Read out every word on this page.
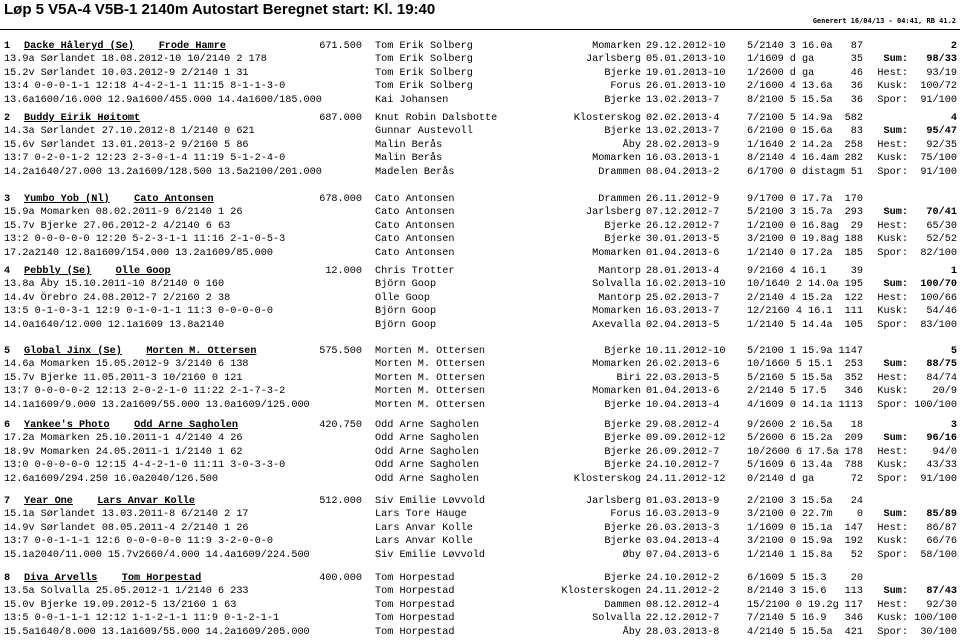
Løp 5 V5A-4 V5B-1 2140m Autostart Beregnet start: Kl. 19:40
Generert 16/04/13 - 04:41, RB 41.2
1 Dacke Håleryd (Se) Frode Hamre	671.500 Tom Erik Solberg	Momarken 29.12.2012-10 5/2140 3 16.0a 87	2
13.9a Sørlandet 18.08.2012-10 10/2140 2 178	Tom Erik Solberg	Jarlsberg 05.01.2013-10 1/1609 d ga	35 Sum: 98/33
15.2v Sørlandet 10.03.2012-9 2/2140 1 31	Tom Erik Solberg	Bjerke 19.01.2013-10 1/2600 d ga	46 Hest: 93/19
13:4 0-0-0-1-1 12:18 4-4-2-1-1 11:15 8-1-1-3-0	Tom Erik Solberg	Forus 26.01.2013-10 2/1600 4 13.6a 36 Kusk: 100/72
13.6a1600/16.000 12.9a1600/455.000 14.4a1600/185.000	Kai Johansen	Bjerke 13.02.2013-7	8/2100 5 15.5a 36 Spor: 91/100
2 Buddy Eirik Høitomt	687.000 Knut Robin Dalsbotte	Klosterskog 02.02.2013-4	7/2100 5 14.9a 582	4
14.3a Sørlandet 27.10.2012-8 1/2140 0 621	Gunnar Austevoll	Bjerke 13.02.2013-7	6/2100 0 15.6a 83 Sum: 95/47
15.6v Sørlandet 13.01.2013-2 9/2160 5 86	Malin Berås	Åby 28.02.2013-9	1/1640 2 14.2a 258 Hest: 92/35
13:7 0-2-0-1-2 12:23 2-3-0-1-4 11:19 5-1-2-4-0	Malin Berås	Momarken 16.03.2013-1	8/2140 4 16.4am 282 Kusk: 75/100
14.2a1640/27.000 13.2a1609/128.500 13.5a2100/201.000	Madelen Berås	Drammen 08.04.2013-2	6/1700 0 distagm 51 Spor: 91/100
3 Yumbo Yob (Nl) Cato Antonsen	678.000 Cato Antonsen	Drammen 26.11.2012-9	9/1700 0 17.7a 170
15.9a Momarken 08.02.2011-9 6/2140 1 26	Cato Antonsen	Jarlsberg 07.12.2012-7	5/2100 3 15.7a 293 Sum: 70/41
15.7v Bjerke 27.06.2012-2 4/2140 6 63	Cato Antonsen	Bjerke 26.12.2012-7	1/2100 0 16.8ag 29 Hest: 65/30
13:2 0-0-0-0-0 12:20 5-2-3-1-1 11:16 2-1-0-5-3	Cato Antonsen	Bjerke 30.01.2013-5	3/2100 0 19.8ag 188 Kusk: 52/52
17.2a2140 12.8a1609/154.000 13.2a1609/85.000	Cato Antonsen	Momarken 01.04.2013-6	1/2140 0 17.2a 185 Spor: 82/100
4 Pebbly (Se) Olle Goop	12.000 Chris Trotter	Mantorp 28.01.2013-4	9/2160 4 16.1 39	1
13.8a Åby 15.10.2011-10 8/2140 0 160	Björn Goop	Solvalla 16.02.2013-10 10/1640 2 14.0a 195 Sum: 100/70
14.4v Örebro 24.08.2012-7 2/2160 2 38	Olle Goop	Mantorp 25.02.2013-7	2/2140 4 15.2a 122 Hest: 100/66
13:5 0-1-0-3-1 12:9 0-1-0-1-1 11:3 0-0-0-0-0	Björn Goop	Momarken 16.03.2013-7	12/2160 4 16.1 111 Kusk: 54/46
14.0a1640/12.000 12.1a1609 13.8a2140	Björn Goop	Axevalla 02.04.2013-5	1/2140 5 14.4a 105 Spor: 83/100
5 Global Jinx (Se) Morten M. Ottersen	575.500 Morten M. Ottersen	Bjerke 10.11.2012-10 5/2100 1 15.9a 1147	5
14.6a Momarken 15.05.2012-9 3/2140 6 138	Morten M. Ottersen	Momarken 26.02.2013-6	10/1660 5 15.1 253 Sum: 88/75
15.7v Bjerke 11.05.2011-3 10/2160 0 121	Morten M. Ottersen	Biri 22.03.2013-5	5/2160 5 15.5a 352 Hest: 84/74
13:7 0-0-0-0-2 12:13 2-0-2-1-0 11:22 2-1-7-3-2	Morten M. Ottersen	Momarken 01.04.2013-6	2/2140 5 17.5 346 Kusk: 20/9
14.1a1609/9.000 13.2a1609/55.000 13.0a1609/125.000	Morten M. Ottersen	Bjerke 10.04.2013-4	4/1609 0 14.1a 1113 Spor: 100/100
6 Yankee's Photo Odd Arne Sagholen	420.750 Odd Arne Sagholen	Bjerke 29.08.2012-4	9/2600 2 16.5a 18	3
17.2a Momarken 25.10.2011-1 4/2140 4 26	Odd Arne Sagholen	Bjerke 09.09.2012-12 5/2600 6 15.2a 209 Sum: 96/16
18.9v Momarken 24.05.2011-1 1/2140 1 62	Odd Arne Sagholen	Bjerke 26.09.2012-7	10/2600 6 17.5a 178 Hest: 94/0
13:0 0-0-0-0-0 12:15 4-4-2-1-0 11:11 3-0-3-3-0	Odd Arne Sagholen	Bjerke 24.10.2012-7	5/1609 6 13.4a 788 Kusk: 43/33
12.6a1609/294.250 16.0a2040/126.500	Odd Arne Sagholen	Klosterskog 24.11.2012-12 0/2140 d ga	72 Spor: 91/100
7 Year One Lars Anvar Kolle	512.000 Siv Emilie Løvvold	Jarlsberg 01.03.2013-9	2/2100 3 15.5a 24
15.1a Sørlandet 13.03.2011-8 6/2140 2 17	Lars Tore Hauge	Forus 16.03.2013-9	3/2100 0 22.7m 0 Sum: 85/89
14.9v Sørlandet 08.05.2011-4 2/2140 1 26	Lars Anvar Kolle	Bjerke 26.03.2013-3	1/1609 0 15.1a 147 Hest: 86/87
13:7 0-0-1-1-1 12:6 0-0-0-0-0 11:9 3-2-0-0-0	Lars Anvar Kolle	Bjerke 03.04.2013-4	3/2100 0 15.9a 192 Kusk: 66/76
15.1a2040/11.000 15.7v2660/4.000 14.4a1609/224.500	Siv Emilie Løvvold	Øby 07.04.2013-6	1/2140 1 15.8a 52 Spor: 58/100
8 Diva Arvells Tom Horpestad	400.000 Tom Horpestad	Bjerke 24.10.2012-2	6/1609 5 15.3 20
13.5a Solvalla 25.05.2012-1 1/2140 6 233	Tom Horpestad	Klosterskogen 24.11.2012-2	8/2140 3 15.6 113 Sum: 87/43
15.0v Bjerke 19.09.2012-5 13/2160 1 63	Tom Horpestad	Dammen 08.12.2012-4	15/2100 0 19.2g 117 Hest: 92/30
13:5 0-0-1-1-1 12:12 1-1-2-1-1 11:9 0-1-2-1-1	Tom Horpestad	Solvalla 22.12.2012-7	7/2140 5 16.9 346 Kusk: 100/100
15.5a1640/8.000 13.1a1609/55.000 14.2a1609/205.000	Tom Horpestad	Åby 28.03.2013-8	4/2140 5 15.5a 421 Spor: 30/100
